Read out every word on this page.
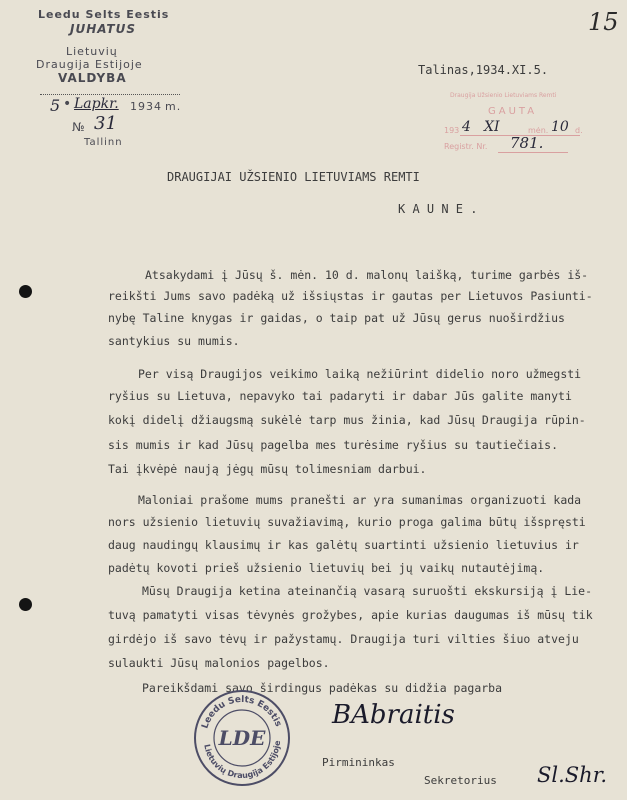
Leedu Selts Eestis
JUHATUS
Lietuvių
Draugija Estijoje
VALDYBA
5 • Lapkr. 1934 m.
№ 31
Tallinn
15
Talinas,1934.XI.5.
Draugija Užsienio Lietuviams Remti
GAUTA
193 4 XI	mėn. 10 d.
Registr. Nr. 781.
DRAUGIJAI UŽSIENIO LIETUVIAMS REMTI
K A U N E .
Atsakydami į Jūsų š. mėn. 10 d. malonų laišką, turime garbės iš-
reikšti Jums savo padėką už išsiųstas ir gautas per Lietuvos Pasiunti-
nybę Taline knygas ir gaidas, o taip pat už Jūsų gerus nuoširdžius
santykius su mumis.
Per visą Draugijos veikimo laiką nežiūrint didelio noro užmegsti
ryšius su Lietuva, nepavyko tai padaryti ir dabar Jūs galite manyti
kokį didelį džiaugsmą sukėlė tarp mus žinia, kad Jūsų Draugija rūpin-
sis mumis ir kad Jūsų pagelba mes turėsime ryšius su tautiečiais.
Tai įkvėpė naują jėgų mūsų tolimesniam darbui.
Maloniai prašome mums pranešti ar yra sumanimas organizuoti kada
nors užsienio lietuvių suvažiavimą, kurio proga galima būtų išspręsti
daug naudingų klausimų ir kas galėtų suartinti užsienio lietuvius ir
padėtų kovoti prieš užsienio lietuvių bei jų vaikų nutautėjimą.
Mūsų Draugija ketina ateinančią vasarą suruošti ekskursiją į Lie-
tuvą pamatyti visas tėvynės grožybes, apie kurias daugumas iš mūsų tik
girdėjo iš savo tėvų ir pažystamų. Draugija turi vilties šiuo atveju
sulaukti Jūsų malonios pagelbos.
Pareikšdami savo širdingus padėkas su didžia pagarba
Leedu Selts Eestis
Lietuvių Draugija Estijoje
LDE
BAbraitis
Pirmininkas
Sekretorius Sl.Shr.
